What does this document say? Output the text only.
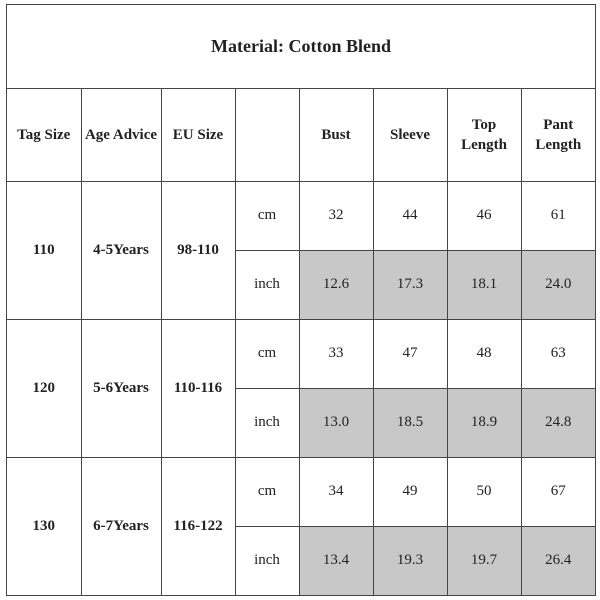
Material: Cotton Blend
Tag Size	Age Advice	EU Size		Bust	Sleeve	Top Length	Pant Length
110	4-5Years	98-110	cm	32	44	46	61
			inch	12.6	17.3	18.1	24.0
120	5-6Years	110-116	cm	33	47	48	63
			inch	13.0	18.5	18.9	24.8
130	6-7Years	116-122	cm	34	49	50	67
			inch	13.4	19.3	19.7	26.4
